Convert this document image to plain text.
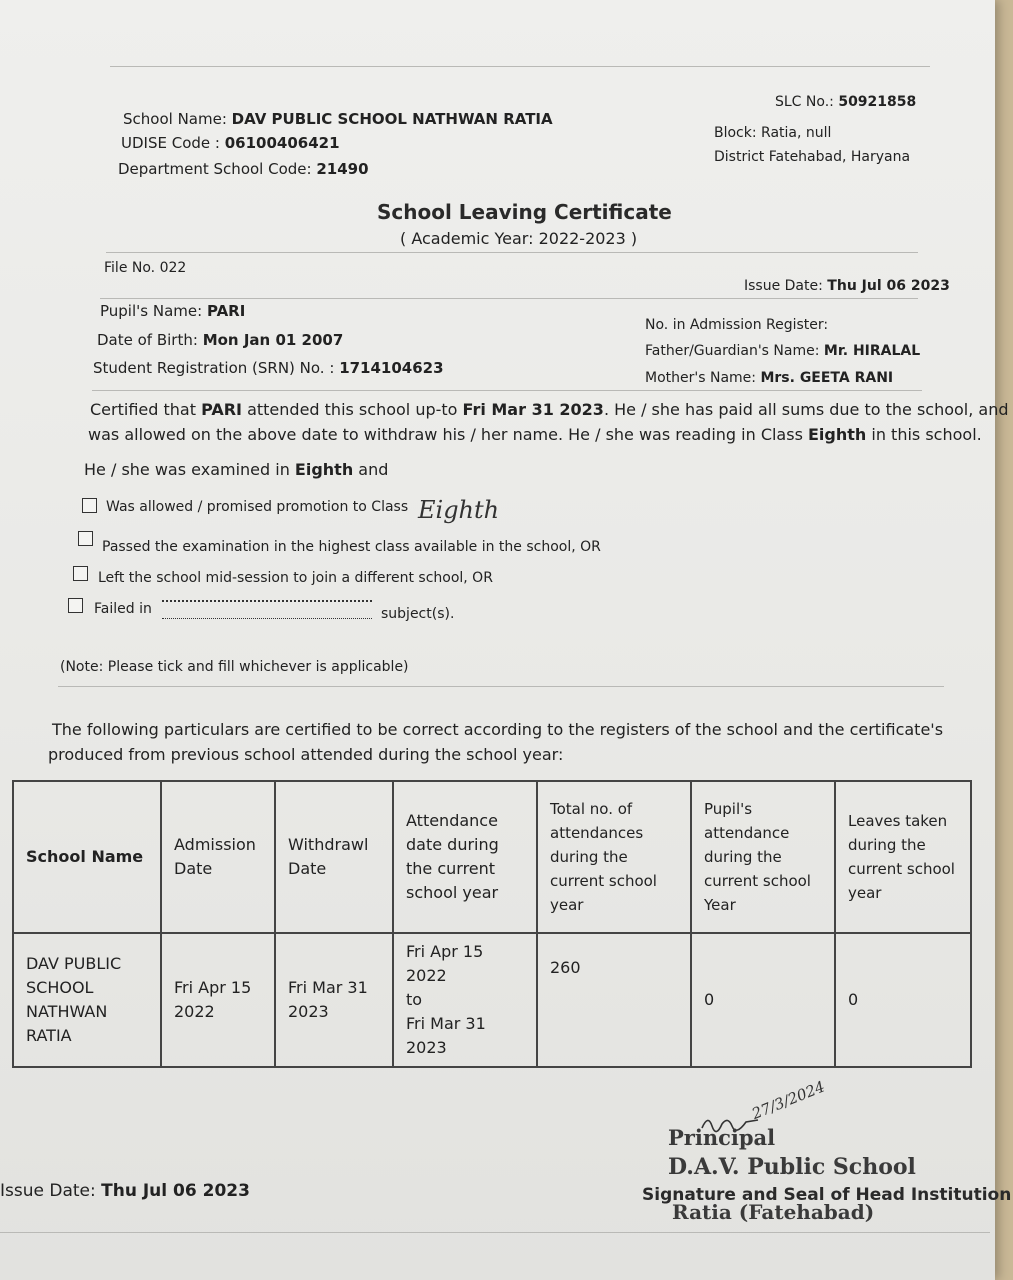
SLC No.: 50921858
School Name: DAV PUBLIC SCHOOL NATHWAN RATIA
UDISE Code : 06100406421
Department School Code: 21490
Block: Ratia, null
District Fatehabad, Haryana
School Leaving Certificate
( Academic Year: 2022-2023 )
File No. 022
Issue Date: Thu Jul 06 2023
Pupil's Name: PARI
Date of Birth: Mon Jan 01 2007
Student Registration (SRN) No. : 1714104623
No. in Admission Register:
Father/Guardian's Name: Mr. HIRALAL
Mother's Name: Mrs. GEETA RANI
Certified that PARI attended this school up-to Fri Mar 31 2023. He / she has paid all sums due to the school, and
was allowed on the above date to withdraw his / her name. He / she was reading in Class Eighth in this school.
He / she was examined in Eighth and
Was allowed / promised promotion to Class Eighth
Passed the examination in the highest class available in the school, OR
Left the school mid-session to join a different school, OR
Failed in	subject(s).
(Note: Please tick and fill whichever is applicable)
The following particulars are certified to be correct according to the registers of the school and the certificate's
produced from previous school attended during the school year:
School Name	Admission Date	Withdrawl Date	Attendance date during the current school year	Total no. of attendances during the current school year	Pupil's attendance during the current school Year	Leaves taken during the current school year
DAV PUBLIC SCHOOL NATHWAN RATIA	Fri Apr 15 2022	Fri Mar 31 2023	Fri Apr 15 2022
to
Fri Mar 31 2023	260	0	0
27/3/2024
Principal
D.A.V. Public School
Signature and Seal of Head Institution
Ratia (Fatehabad)
Issue Date: Thu Jul 06 2023
